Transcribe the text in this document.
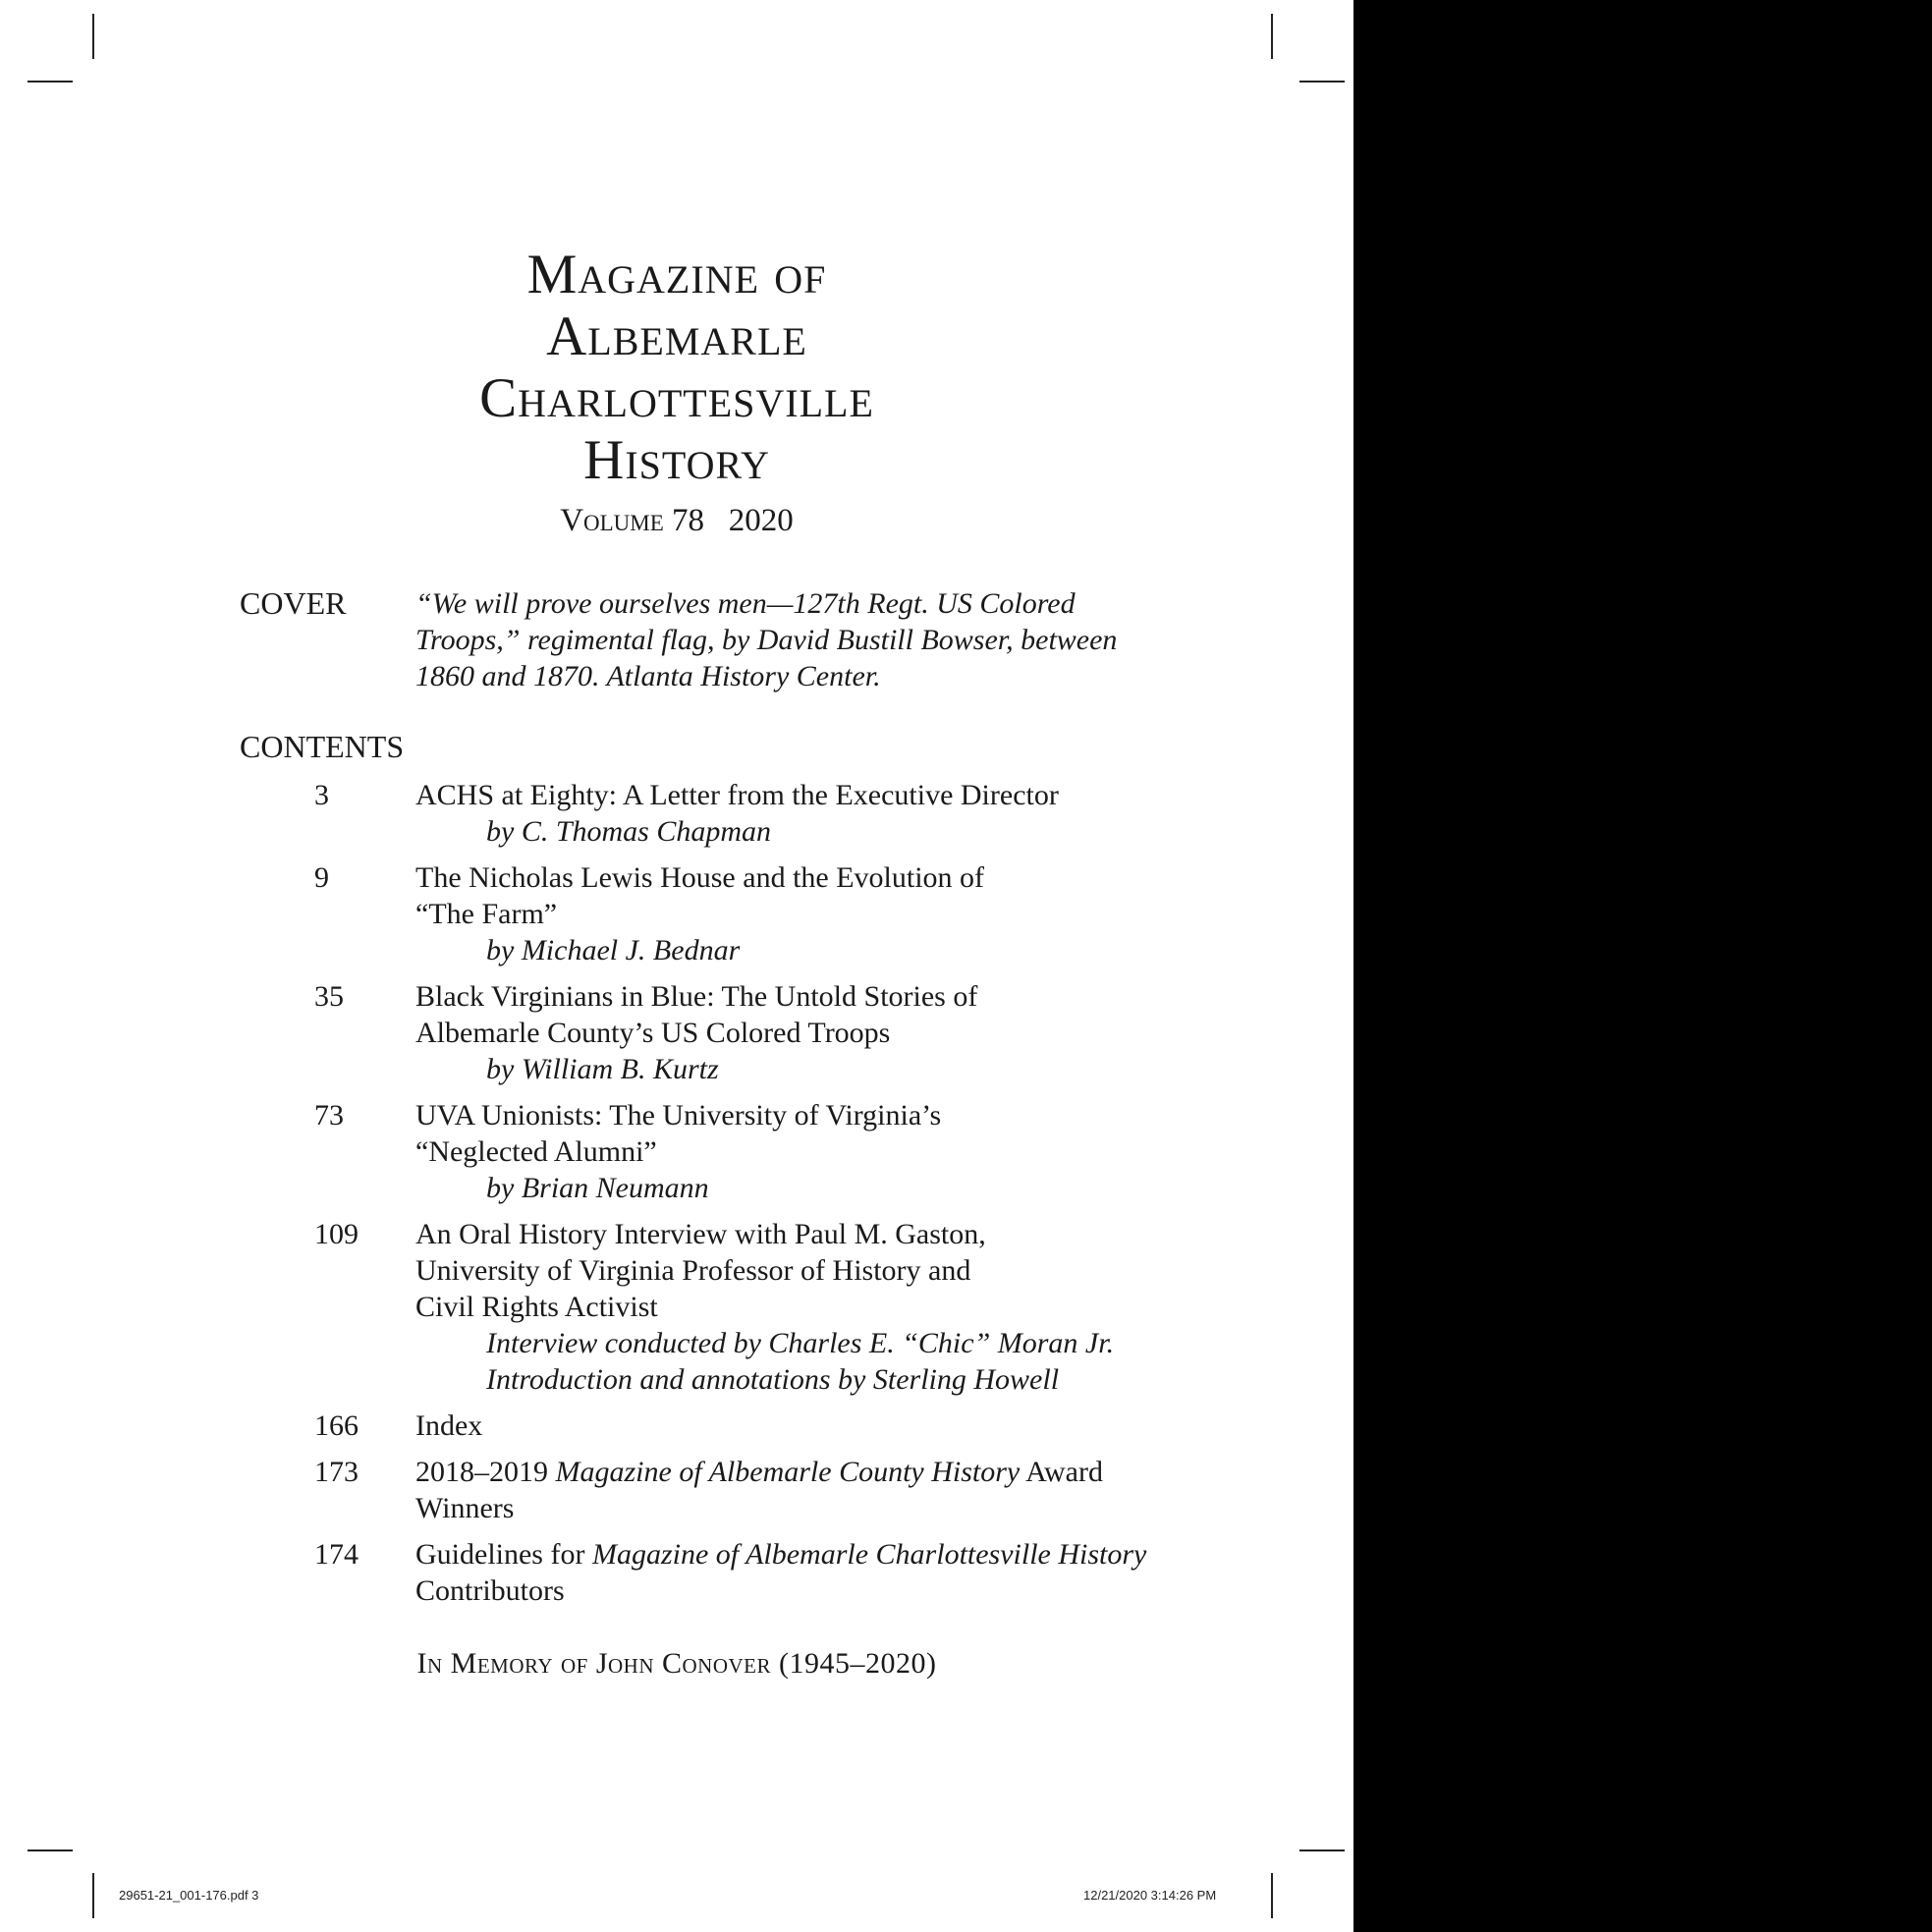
Magazine of
Albemarle
Charlottesville
History
Volume 78 2020
COVER “We will prove ourselves men—127th Regt. US Colored Troops,” regimental flag, by David Bustill Bowser, between 1860 and 1870. Atlanta History Center.
CONTENTS
3	ACHS at Eighty: A Letter from the Executive Director
by C. Thomas Chapman
9	The Nicholas Lewis House and the Evolution of
“The Farm”
by Michael J. Bednar
35	Black Virginians in Blue: The Untold Stories of
Albemarle County’s US Colored Troops
by William B. Kurtz
73	UVA Unionists: The University of Virginia’s
“Neglected Alumni”
by Brian Neumann
109	An Oral History Interview with Paul M. Gaston,
University of Virginia Professor of History and
Civil Rights Activist
Interview conducted by Charles E. “Chic” Moran Jr.
Introduction and annotations by Sterling Howell
166	Index
173	2018–2019 Magazine of Albemarle County History Award Winners
174	Guidelines for Magazine of Albemarle Charlottesville History Contributors
In Memory of John Conover (1945–2020)
29651-21_001-176.pdf 3	12/21/2020 3:14:26 PM
